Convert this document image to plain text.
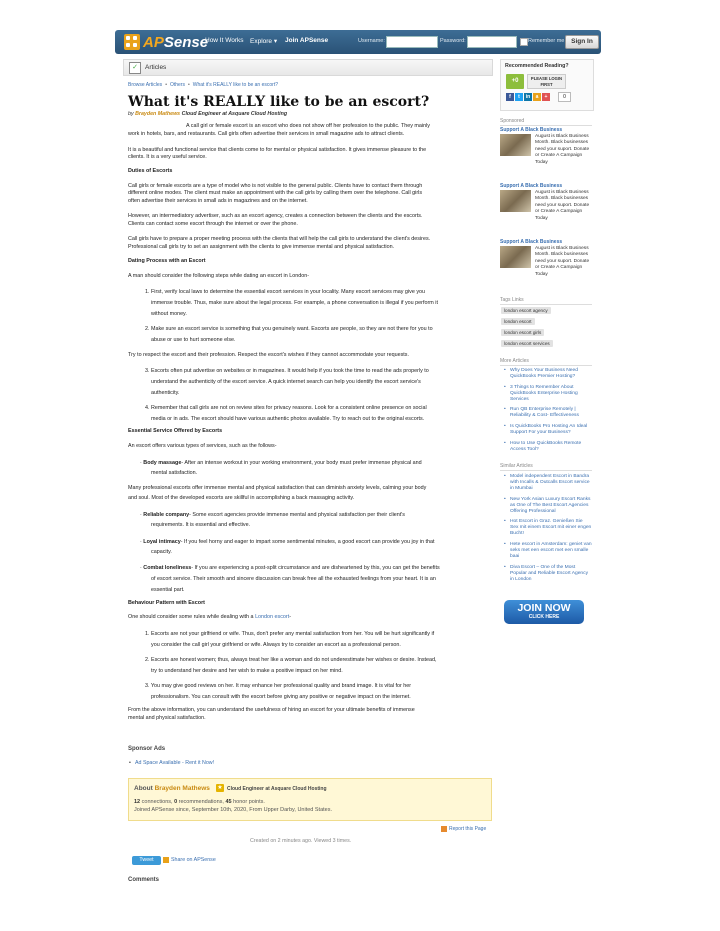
APSense
How It Works Explore ▾ Join APSense	Username:	Password:	Remember me	Sign In
✓	Articles
Browse Articles • Others • What it's REALLY like to be an escort?
What it's REALLY like to be an escort?
by Brayden Mathews Cloud Engineer at Asquare Cloud Hosting

A call girl or female escort is an escort who does not show off her profession to the public. They mainly

work in hotels, bars, and restaurants. Call girls often advertise their services in small magazine ads to attract clients.

It is a beautiful and functional service that clients come to for mental or physical satisfaction. It gives immense pleasure to the

clients. It is a very useful service.

Duties of Escorts

Call girls or female escorts are a type of model who is not visible to the general public. Clients have to contact them through

different online modes. The client must make an appointment with the call girls by calling them over the telephone. Call girls

often advertise their services in small ads in magazines and on the internet.

However, an intermediatory advertiser, such as an escort agency, creates a connection between the clients and the escorts.

Clients can contact some escort through the internet or over the phone.

Call girls have to prepare a proper meeting process with the clients that will help the call girls to understand the client's desires.

Professional call girls try to set an assignment with the clients to give immense mental and physical satisfaction.

Dating Process with an Escort

A man should consider the following steps while dating an escort in London-

1. First, verify local laws to determine the essential escort services in your locality. Many escort services may give you

immense trouble. Thus, make sure about the legal process. For example, a phone conversation is illegal if you perform it

without money.

2. Make sure an escort service is something that you genuinely want. Escorts are people, so they are not there for you to

abuse or use to hurt someone else.

Try to respect the escort and their profession. Respect the escort's wishes if they cannot accommodate your requests.

3. Escorts often put advertise on websites or in magazines. It would help if you took the time to read the ads properly to

understand the authenticity of the escort service. A quick internet search can help you identify the escort service's

authenticity.

4. Remember that call girls are not on review sites for privacy reasons. Look for a consistent online presence on social

media or in ads. The escort should have various authentic photos available. Try to reach out to the original escorts.

Essential Service Offered by Escorts

An escort offers various types of services, such as the follows-

· Body massage- After an intense workout in your working environment, your body must prefer immense physical and

mental satisfaction.

Many professional escorts offer immense mental and physical satisfaction that can diminish anxiety levels, calming your body

and soul. Most of the developed escorts are skillful in accomplishing a back massaging activity.

· Reliable company- Some escort agencies provide immense mental and physical satisfaction per their client's

requirements. It is essential and effective.

· Loyal intimacy- If you feel horny and eager to impart some sentimental minutes, a good escort can provide you joy in that

capacity.

· Combat loneliness- If you are experiencing a post-split circumstance and are disheartened by this, you can get the benefits

of escort service. Their smooth and sincere discussion can break free all the exhausted feelings from your heart. It is an

essential part.

Behaviour Pattern with Escort

One should consider some rules while dealing with a London escort-

1. Escorts are not your girlfriend or wife. Thus, don't prefer any mental satisfaction from her. You will be hurt significantly if

you consider the call girl your girlfriend or wife. Always try to consider an escort as a professional person.

2. Escorts are honest women; thus, always treat her like a woman and do not underestimate her wishes or desire. Instead,

try to understand her desire and her wish to make a positive impact on her mind.

3. You may give good reviews on her. It may enhance her professional quality and brand image. It is vital for her

professionalism. You can consult with the escort before giving any positive or negative impact on the internet.

From the above information, you can understand the usefulness of hiring an escort for your ultimate benefits of immense

mental and physical satisfaction.

Recommended Reading?
+0	PLEASE LOGIN FIRST
f	t	in	a	+	0
Sponsored
Support A Black Business
August is Black Business Month. Black businesses need your suport. Donate or Create A Campaign Today
Support A Black Business
August is Black Business Month. Black businesses need your suport. Donate or Create A Campaign Today
Support A Black Business
August is Black Business Month. Black businesses need your suport. Donate or Create A Campaign Today
Tags Links
london escort agency
london escort
london escort girls
london escort services
More Articles
• Why Does Your Business Need QuickBooks Premier Hosting?
• 3 Things to Remember About QuickBooks Enterprise Hosting Services
• Run QB Enterprise Remotely | Reliability & Cost- Effectiveness
• Is QuickBooks Pro Hosting An Ideal Support For your Business?
• How to Use QuickBooks Remote Access Tool?
Similar Articles
• Model independent Escort in Bandra with Incalls & Outcalls Escort service in Mumbai
• New York Asian Luxury Escort Ranks as One of The Best Escort Agencies Offering Professional
• Hot Escort in Graz. Genießen Sie Sex mit einem Escort mit einer engen Bucht!
• Hete escort in Amsterdam: geniet van seks met een escort met een smalle baai
• Diva Escort – One of the Most Popular and Reliable Escort Agency in London
JOIN NOW
CLICK HERE
Sponsor Ads
• Ad Space Available - Rent it Now!
About Brayden Mathews ★ Cloud Engineer at Asquare Cloud Hosting
12 connections, 0 recommendations, 45 honor points.
Joined APSense since, September 10th, 2020, From Upper Darby, United States.
Report this Page
Created on 2 minutes ago. Viewed 3 times.
Tweet	Share on APSense
Comments
